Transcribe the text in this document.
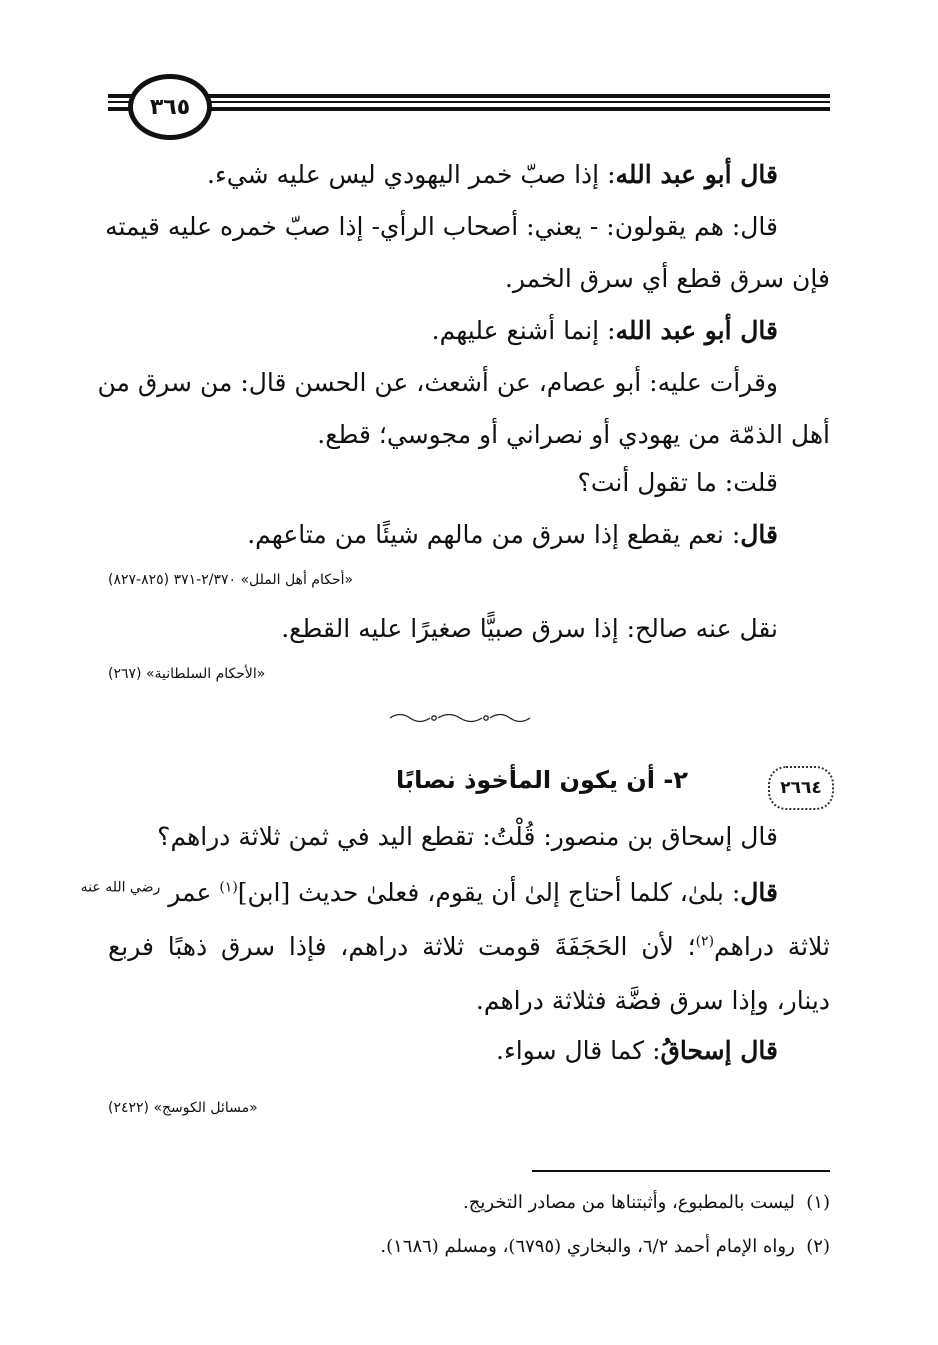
٣٦٥
قال أبو عبد الله: إذا صبّ خمر اليهودي ليس عليه شيء.
قال: هم يقولون: - يعني: أصحاب الرأي- إذا صبّ خمره عليه قيمته
فإن سرق قطع أي سرق الخمر.
قال أبو عبد الله: إنما أشنع عليهم.
وقرأت عليه: أبو عصام، عن أشعث، عن الحسن قال: من سرق من
أهل الذمّة من يهودي أو نصراني أو مجوسي؛ قطع.
قلت: ما تقول أنت؟
قال: نعم يقطع إذا سرق من مالهم شيئًا من متاعهم.
«أحكام أهل الملل» ٢/٣٧٠-٣٧١ (٨٢٥-٨٢٧)
نقل عنه صالح: إذا سرق صبيًّا صغيرًا عليه القطع.
«الأحكام السلطانية» (٢٦٧)
٢٦٦٤
٢- أن يكون المأخوذ نصابًا
قال إسحاق بن منصور: قُلْتُ: تقطع اليد في ثمن ثلاثة دراهم؟
قال: بلىٰ، كلما أحتاج إلىٰ أن يقوم، فعلىٰ حديث [ابن]$^{(١)}$ عمر $^{رضي الله عنه}$
ثلاثة دراهم$^{(٢)}$؛ لأن الحَجَفَةَ قومت ثلاثة دراهم، فإذا سرق ذهبًا فربع
دينار، وإذا سرق فضَّة فثلاثة دراهم.
قال إسحاقُ: كما قال سواء.
«مسائل الكوسج» (٢٤٢٢)
(١)  ليست بالمطبوع، وأثبتناها من مصادر التخريج.
(٢)  رواه الإمام أحمد ٦/٢، والبخاري (٦٧٩٥)، ومسلم (١٦٨٦).
